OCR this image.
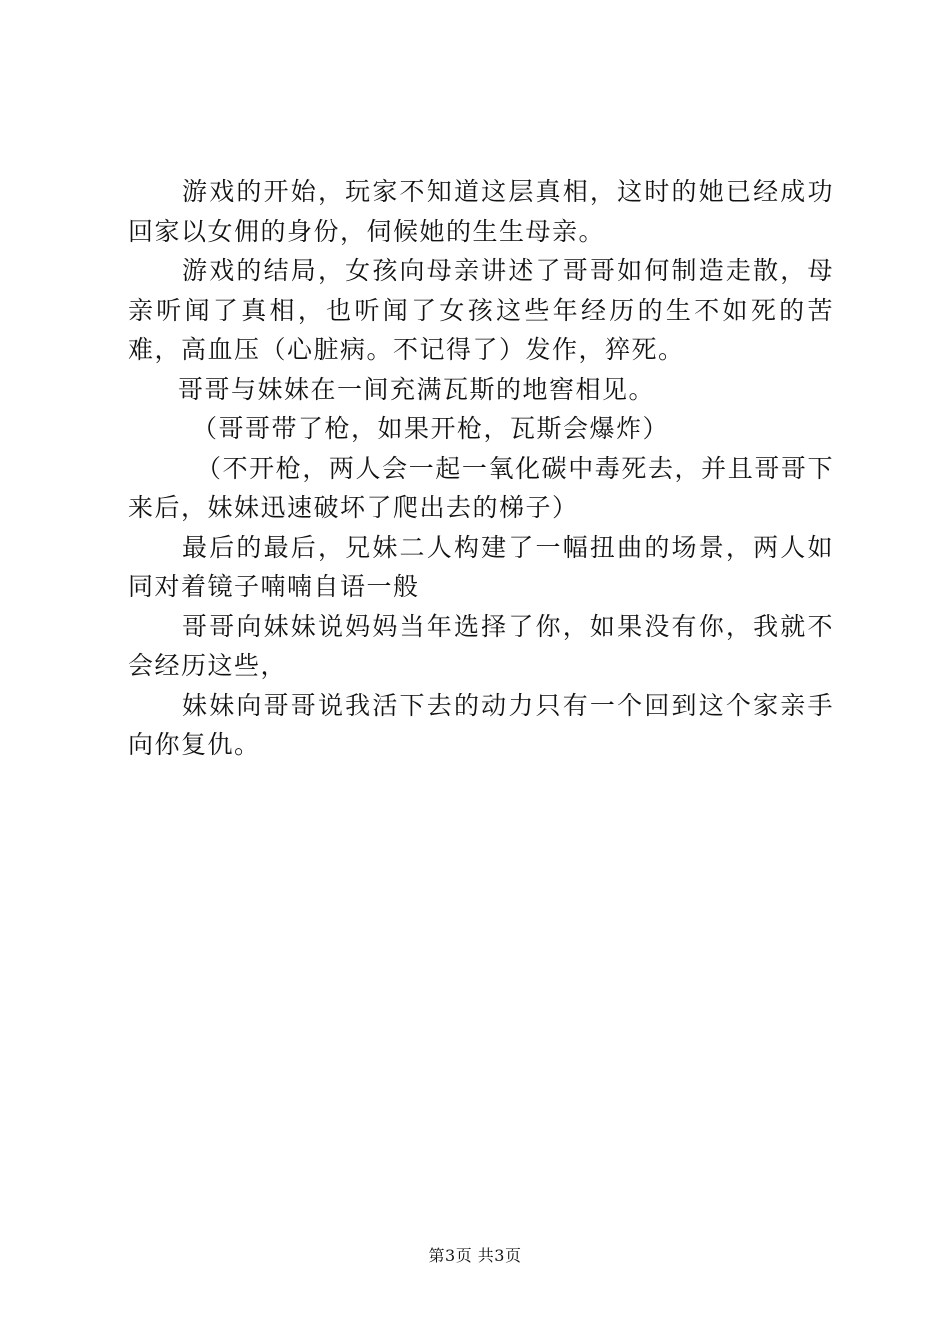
游戏的开始，玩家不知道这层真相，这时的她已经成功回家以女佣的身份，伺候她的生生母亲。

游戏的结局，女孩向母亲讲述了哥哥如何制造走散，母亲听闻了真相，也听闻了女孩这些年经历的生不如死的苦难，高血压（心脏病。不记得了）发作，猝死。

哥哥与妹妹在一间充满瓦斯的地窖相见。

（哥哥带了枪，如果开枪，瓦斯会爆炸）

（不开枪，两人会一起一氧化碳中毒死去，并且哥哥下来后，妹妹迅速破坏了爬出去的梯子）

最后的最后，兄妹二人构建了一幅扭曲的场景，两人如同对着镜子喃喃自语一般

哥哥向妹妹说妈妈当年选择了你，如果没有你，我就不会经历这些，

妹妹向哥哥说我活下去的动力只有一个回到这个家亲手向你复仇。

第3页 共3页
